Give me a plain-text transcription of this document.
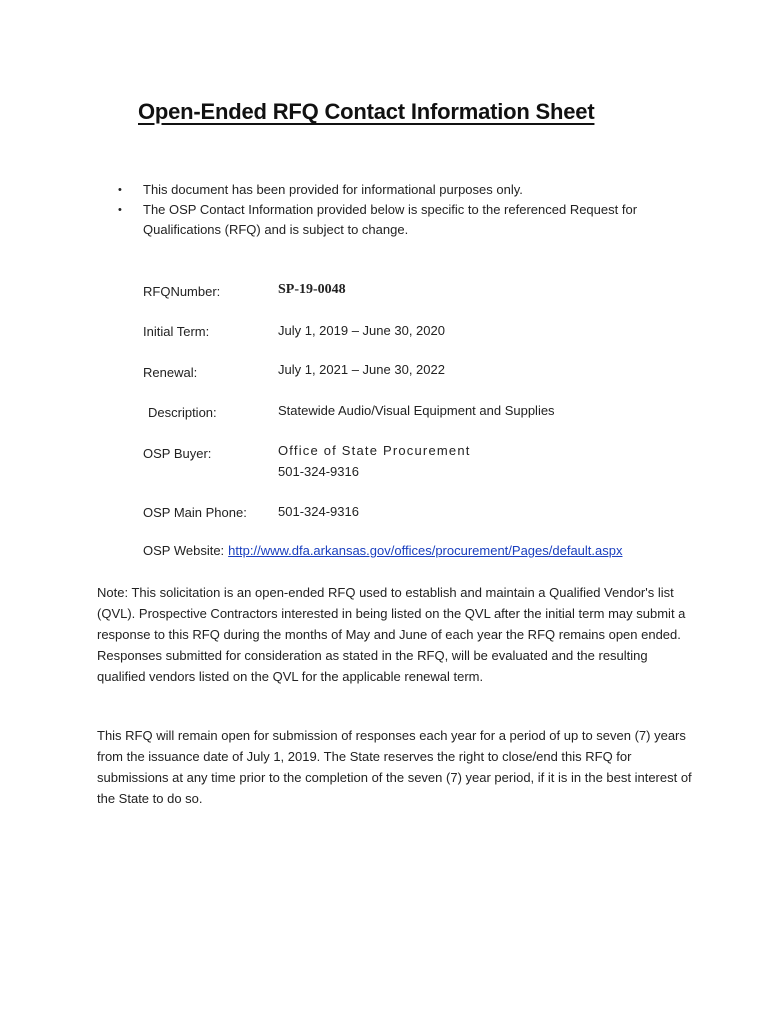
Open-Ended RFQ Contact Information Sheet
• This document has been provided for informational purposes only.
• The OSP Contact Information provided below is specific to the referenced Request for Qualifications (RFQ) and is subject to change.
RFQNumber:	SP-19-0048
Initial Term:	July 1, 2019 – June 30, 2020
Renewal:	July 1, 2021 – June 30, 2022
Description:	Statewide Audio/Visual Equipment and Supplies
OSP Buyer:	Office of State Procurement
501-324-9316
OSP Main Phone: 501-324-9316
OSP Website: http://www.dfa.arkansas.gov/offices/procurement/Pages/default.aspx

Note: This solicitation is an open-ended RFQ used to establish and maintain a Qualified Vendor's list (QVL). Prospective Contractors interested in being listed on the QVL after the initial term may submit a response to this RFQ during the months of May and June of each year the RFQ remains open ended. Responses submitted for consideration as stated in the RFQ, will be evaluated and the resulting qualified vendors listed on the QVL for the applicable renewal term.

This RFQ will remain open for submission of responses each year for a period of up to seven (7) years from the issuance date of July 1, 2019. The State reserves the right to close/end this RFQ for submissions at any time prior to the completion of the seven (7) year period, if it is in the best interest of the State to do so.
